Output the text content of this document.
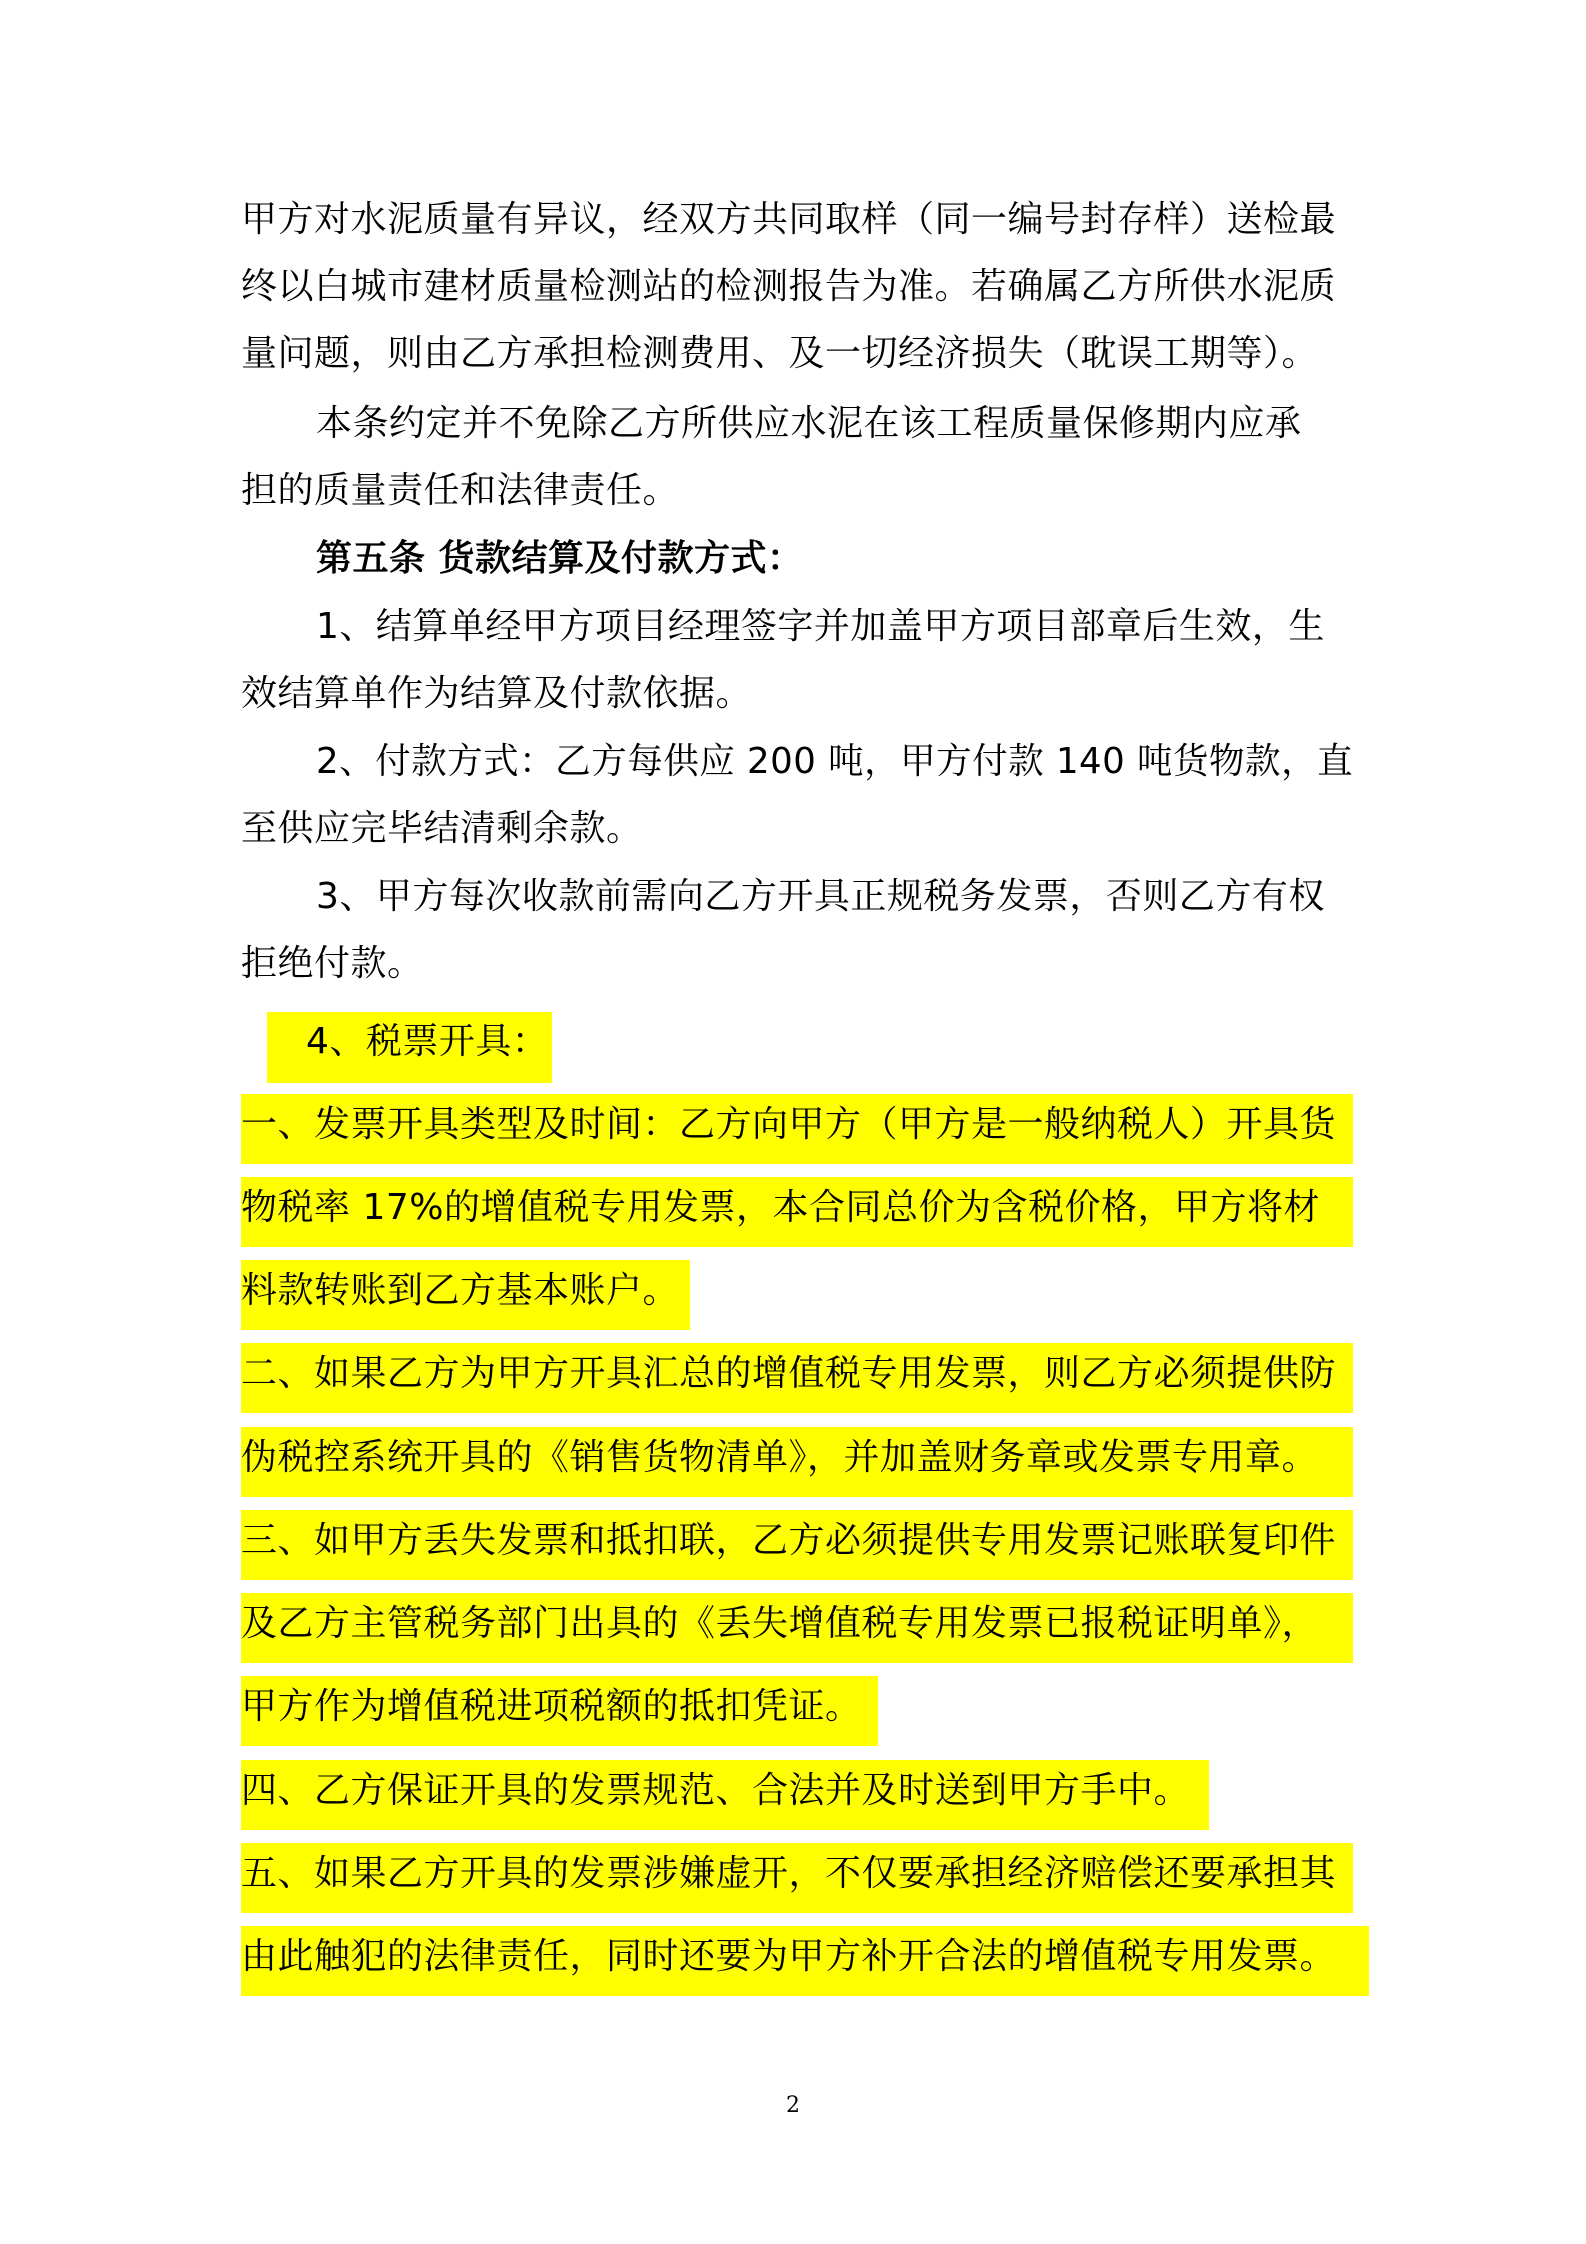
甲方对水泥质量有异议，经双方共同取样（同一编号封存样）送检最
终以白城市建材质量检测站的检测报告为准。若确属乙方所供水泥质
量问题，则由乙方承担检测费用、及一切经济损失（耽误工期等）。
本条约定并不免除乙方所供应水泥在该工程质量保修期内应承
担的质量责任和法律责任。
第五条 货款结算及付款方式：
1、结算单经甲方项目经理签字并加盖甲方项目部章后生效，生
效结算单作为结算及付款依据。
2、付款方式：乙方每供应 200 吨，甲方付款 140 吨货物款，直
至供应完毕结清剩余款。
3、甲方每次收款前需向乙方开具正规税务发票，否则乙方有权
拒绝付款。
4、税票开具：
一、发票开具类型及时间：乙方向甲方（甲方是一般纳税人）开具货
物税率 17%的增值税专用发票，本合同总价为含税价格，甲方将材
料款转账到乙方基本账户。
二、如果乙方为甲方开具汇总的增值税专用发票，则乙方必须提供防
伪税控系统开具的《销售货物清单》，并加盖财务章或发票专用章。
三、如甲方丢失发票和抵扣联，乙方必须提供专用发票记账联复印件
及乙方主管税务部门出具的《丢失增值税专用发票已报税证明单》，
甲方作为增值税进项税额的抵扣凭证。
四、乙方保证开具的发票规范、合法并及时送到甲方手中。
五、如果乙方开具的发票涉嫌虚开，不仅要承担经济赔偿还要承担其
由此触犯的法律责任，同时还要为甲方补开合法的增值税专用发票。
2
